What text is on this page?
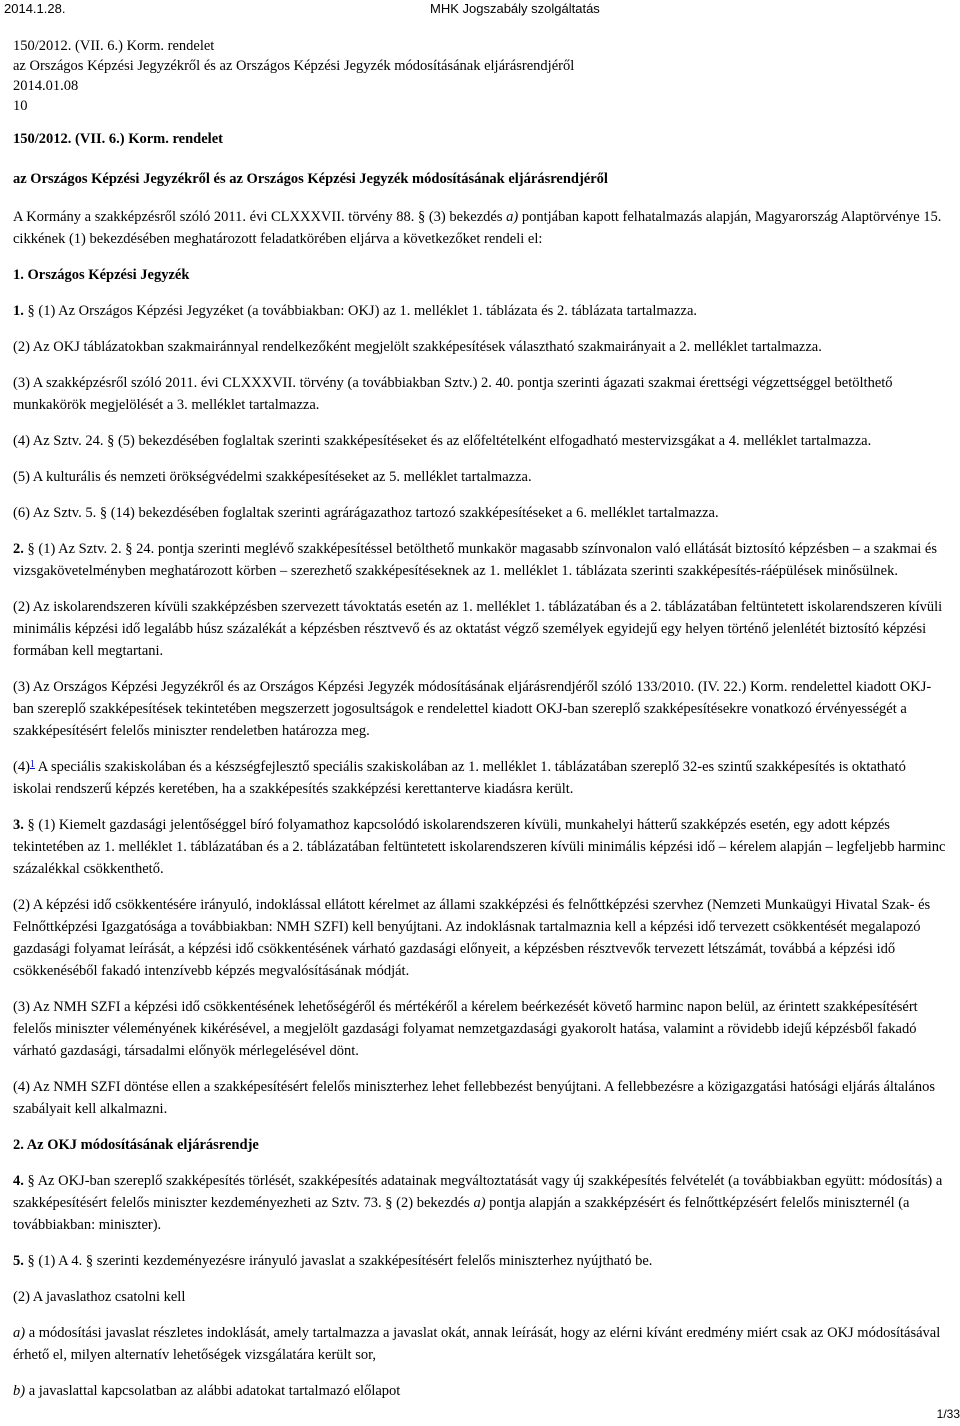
2014.1.28.	MHK Jogszabály szolgáltatás
150/2012. (VII. 6.) Korm. rendelet
az Országos Képzési Jegyzékről és az Országos Képzési Jegyzék módosításának eljárásrendjéről
2014.01.08
10

150/2012. (VII. 6.) Korm. rendelet

az Országos Képzési Jegyzékről és az Országos Képzési Jegyzék módosításának eljárásrendjéről

A Kormány a szakképzésről szóló 2011. évi CLXXXVII. törvény 88. § (3) bekezdés a) pontjában kapott felhatalmazás alapján, Magyarország Alaptörvénye 15. cikkének (1) bekezdésében meghatározott feladatkörében eljárva a következőket rendeli el:

1. Országos Képzési Jegyzék

1. § (1) Az Országos Képzési Jegyzéket (a továbbiakban: OKJ) az 1. melléklet 1. táblázata és 2. táblázata tartalmazza.

(2) Az OKJ táblázatokban szakmairánnyal rendelkezőként megjelölt szakképesítések választható szakmairányait a 2. melléklet tartalmazza.

(3) A szakképzésről szóló 2011. évi CLXXXVII. törvény (a továbbiakban Sztv.) 2. 40. pontja szerinti ágazati szakmai érettségi végzettséggel betölthető munkakörök megjelölését a 3. melléklet tartalmazza.

(4) Az Sztv. 24. § (5) bekezdésében foglaltak szerinti szakképesítéseket és az előfeltételként elfogadható mestervizsgákat a 4. melléklet tartalmazza.

(5) A kulturális és nemzeti örökségvédelmi szakképesítéseket az 5. melléklet tartalmazza.

(6) Az Sztv. 5. § (14) bekezdésében foglaltak szerinti agrárágazathoz tartozó szakképesítéseket a 6. melléklet tartalmazza.

2. § (1) Az Sztv. 2. § 24. pontja szerinti meglévő szakképesítéssel betölthető munkakör magasabb színvonalon való ellátását biztosító képzésben – a szakmai és vizsgakövetelményben meghatározott körben – szerezhető szakképesítéseknek az 1. melléklet 1. táblázata szerinti szakképesítés-ráépülések minősülnek.

(2) Az iskolarendszeren kívüli szakképzésben szervezett távoktatás esetén az 1. melléklet 1. táblázatában és a 2. táblázatában feltüntetett iskolarendszeren kívüli minimális képzési idő legalább húsz százalékát a képzésben résztvevő és az oktatást végző személyek egyidejű egy helyen történő jelenlétét biztosító képzési formában kell megtartani.

(3) Az Országos Képzési Jegyzékről és az Országos Képzési Jegyzék módosításának eljárásrendjéről szóló 133/2010. (IV. 22.) Korm. rendelettel kiadott OKJ-ban szereplő szakképesítések tekintetében megszerzett jogosultságok e rendelettel kiadott OKJ-ban szereplő szakképesítésekre vonatkozó érvényességét a szakképesítésért felelős miniszter rendeletben határozza meg.

$(4)^1$ A speciális szakiskolában és a készségfejlesztő speciális szakiskolában az 1. melléklet 1. táblázatában szereplő 32-es szintű szakképesítés is oktatható iskolai rendszerű képzés keretében, ha a szakképesítés szakképzési kerettanterve kiadásra került.

3. § (1) Kiemelt gazdasági jelentőséggel bíró folyamathoz kapcsolódó iskolarendszeren kívüli, munkahelyi hátterű szakképzés esetén, egy adott képzés tekintetében az 1. melléklet 1. táblázatában és a 2. táblázatában feltüntetett iskolarendszeren kívüli minimális képzési idő – kérelem alapján – legfeljebb harminc százalékkal csökkenthető.

(2) A képzési idő csökkentésére irányuló, indoklással ellátott kérelmet az állami szakképzési és felnőttképzési szervhez (Nemzeti Munkaügyi Hivatal Szak- és Felnőttképzési Igazgatósága a továbbiakban: NMH SZFI) kell benyújtani. Az indoklásnak tartalmaznia kell a képzési idő tervezett csökkentését megalapozó gazdasági folyamat leírását, a képzési idő csökkentésének várható gazdasági előnyeit, a képzésben résztvevők tervezett létszámát, továbbá a képzési idő csökkenéséből fakadó intenzívebb képzés megvalósításának módját.

(3) Az NMH SZFI a képzési idő csökkentésének lehetőségéről és mértékéről a kérelem beérkezését követő harminc napon belül, az érintett szakképesítésért felelős miniszter véleményének kikérésével, a megjelölt gazdasági folyamat nemzetgazdasági gyakorolt hatása, valamint a rövidebb idejű képzésből fakadó várható gazdasági, társadalmi előnyök mérlegelésével dönt.

(4) Az NMH SZFI döntése ellen a szakképesítésért felelős miniszterhez lehet fellebbezést benyújtani. A fellebbezésre a közigazgatási hatósági eljárás általános szabályait kell alkalmazni.

2. Az OKJ módosításának eljárásrendje

4. § Az OKJ-ban szereplő szakképesítés törlését, szakképesítés adatainak megváltoztatását vagy új szakképesítés felvételét (a továbbiakban együtt: módosítás) a szakképesítésért felelős miniszter kezdeményezheti az Sztv. 73. § (2) bekezdés a) pontja alapján a szakképzésért és felnőttképzésért felelős miniszternél (a továbbiakban: miniszter).

5. § (1) A 4. § szerinti kezdeményezésre irányuló javaslat a szakképesítésért felelős miniszterhez nyújtható be.

(2) A javaslathoz csatolni kell

a) a módosítási javaslat részletes indoklását, amely tartalmazza a javaslat okát, annak leírását, hogy az elérni kívánt eredmény miért csak az OKJ módosításával érhető el, milyen alternatív lehetőségek vizsgálatára került sor,

b) a javaslattal kapcsolatban az alábbi adatokat tartalmazó előlapot

1/33
